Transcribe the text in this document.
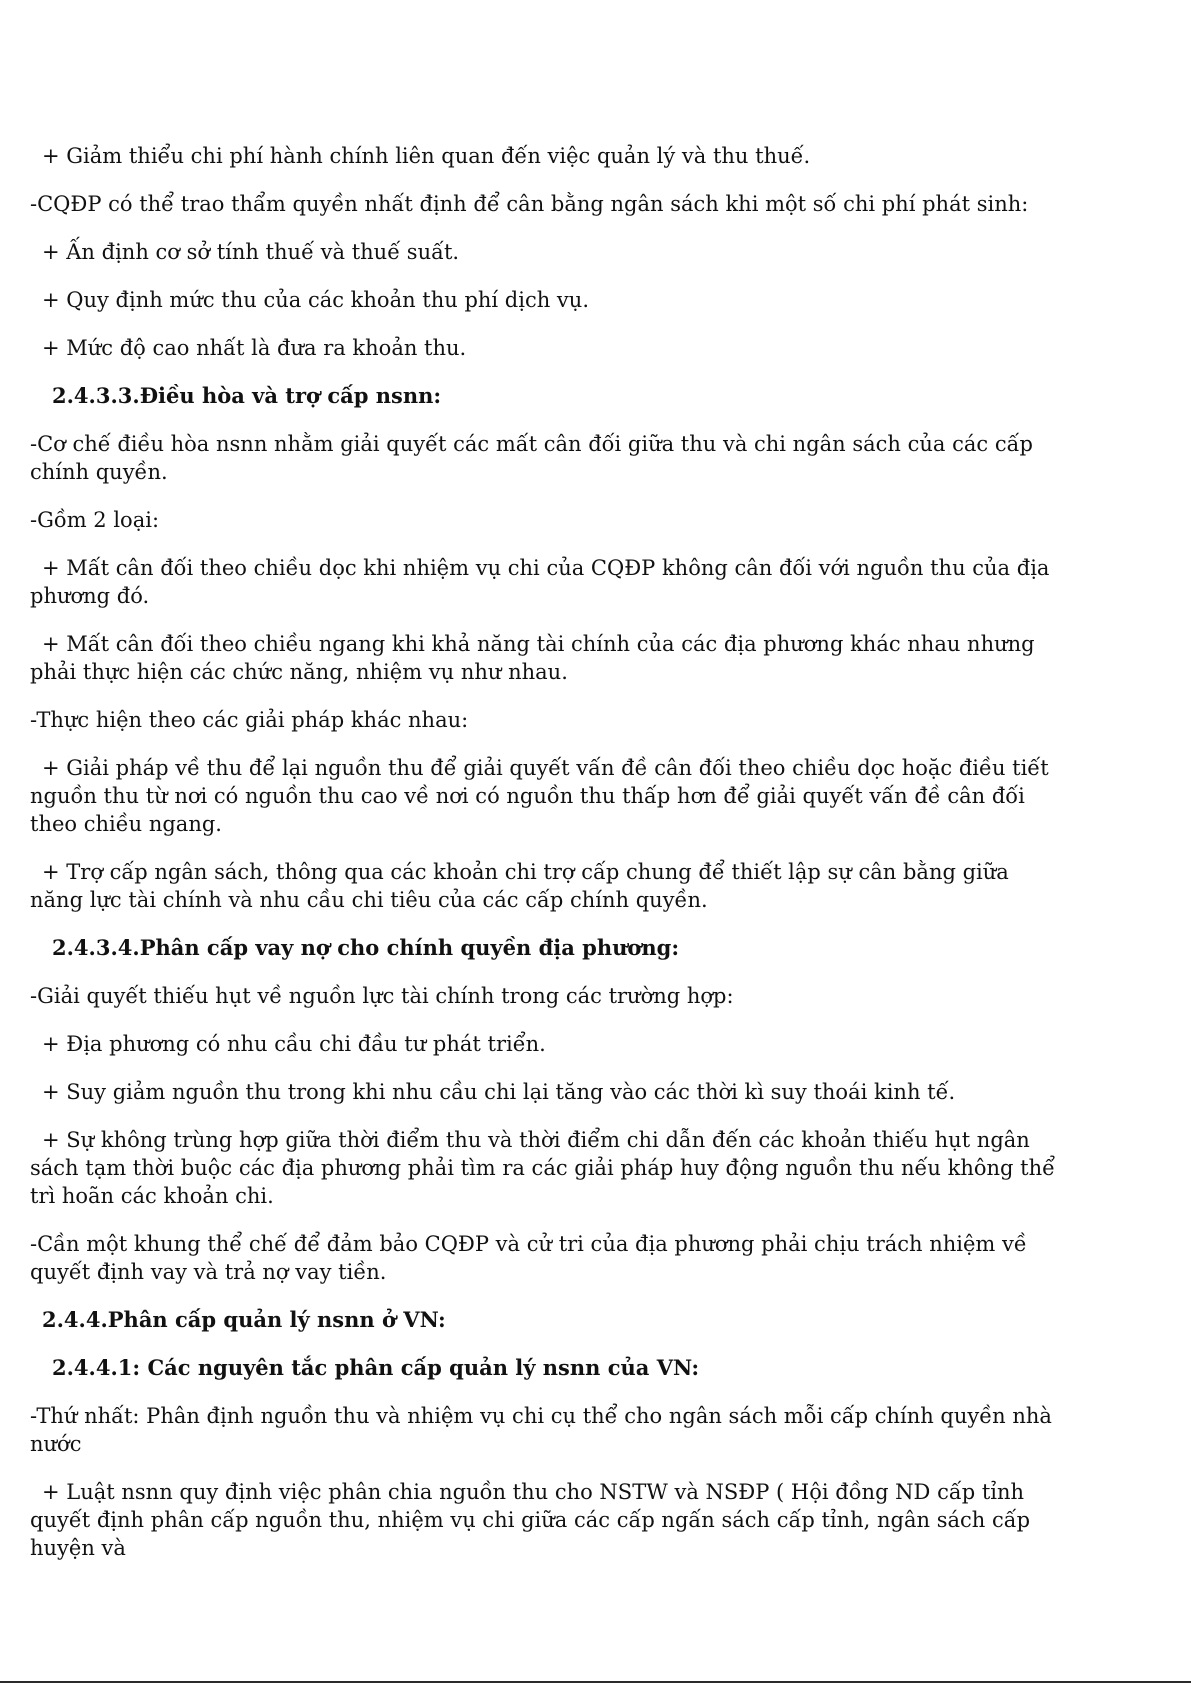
+ Giảm thiểu chi phí hành chính liên quan đến việc quản lý và thu thuế.

-CQĐP có thể trao thẩm quyền nhất định để cân bằng ngân sách khi một số chi phí phát sinh:

+ Ấn định cơ sở tính thuế và thuế suất.

+ Quy định mức thu của các khoản thu phí dịch vụ.

+ Mức độ cao nhất là đưa ra khoản thu.

2.4.3.3.Điều hòa và trợ cấp nsnn:

-Cơ chế điều hòa nsnn nhằm giải quyết các mất cân đối giữa thu và chi ngân sách của các cấp chính quyền.

-Gồm 2 loại:

+ Mất cân đối theo chiều dọc khi nhiệm vụ chi của CQĐP không cân đối với nguồn thu của địa phương đó.

+ Mất cân đối theo chiều ngang khi khả năng tài chính của các địa phương khác nhau nhưng phải thực hiện các chức năng, nhiệm vụ như nhau.

-Thực hiện theo các giải pháp khác nhau:

+ Giải pháp về thu để lại nguồn thu để giải quyết vấn đề cân đối theo chiều dọc hoặc điều tiết nguồn thu từ nơi có nguồn thu cao về nơi có nguồn thu thấp hơn để giải quyết vấn đề cân đối theo chiều ngang.

+ Trợ cấp ngân sách, thông qua các khoản chi trợ cấp chung để thiết lập sự cân bằng giữa năng lực tài chính và nhu cầu chi tiêu của các cấp chính quyền.

2.4.3.4.Phân cấp vay nợ cho chính quyền địa phương:

-Giải quyết thiếu hụt về nguồn lực tài chính trong các trường hợp:

+ Địa phương có nhu cầu chi đầu tư phát triển.

+ Suy giảm nguồn thu trong khi nhu cầu chi lại tăng vào các thời kì suy thoái kinh tế.

+ Sự không trùng hợp giữa thời điểm thu và thời điểm chi dẫn đến các khoản thiếu hụt ngân sách tạm thời buộc các địa phương phải tìm ra các giải pháp huy động nguồn thu nếu không thể trì hoãn các khoản chi.

-Cần một khung thể chế để đảm bảo CQĐP và cử tri của địa phương phải chịu trách nhiệm về quyết định vay và trả nợ vay tiền.

2.4.4.Phân cấp quản lý nsnn ở VN:
2.4.4.1: Các nguyên tắc phân cấp quản lý nsnn của VN:

-Thứ nhất: Phân định nguồn thu và nhiệm vụ chi cụ thể cho ngân sách mỗi cấp chính quyền nhà nước

+ Luật nsnn quy định việc phân chia nguồn thu cho NSTW và NSĐP ( Hội đồng ND cấp tỉnh quyết định phân cấp nguồn thu, nhiệm vụ chi giữa các cấp ngấn sách cấp tỉnh, ngân sách cấp huyện và
